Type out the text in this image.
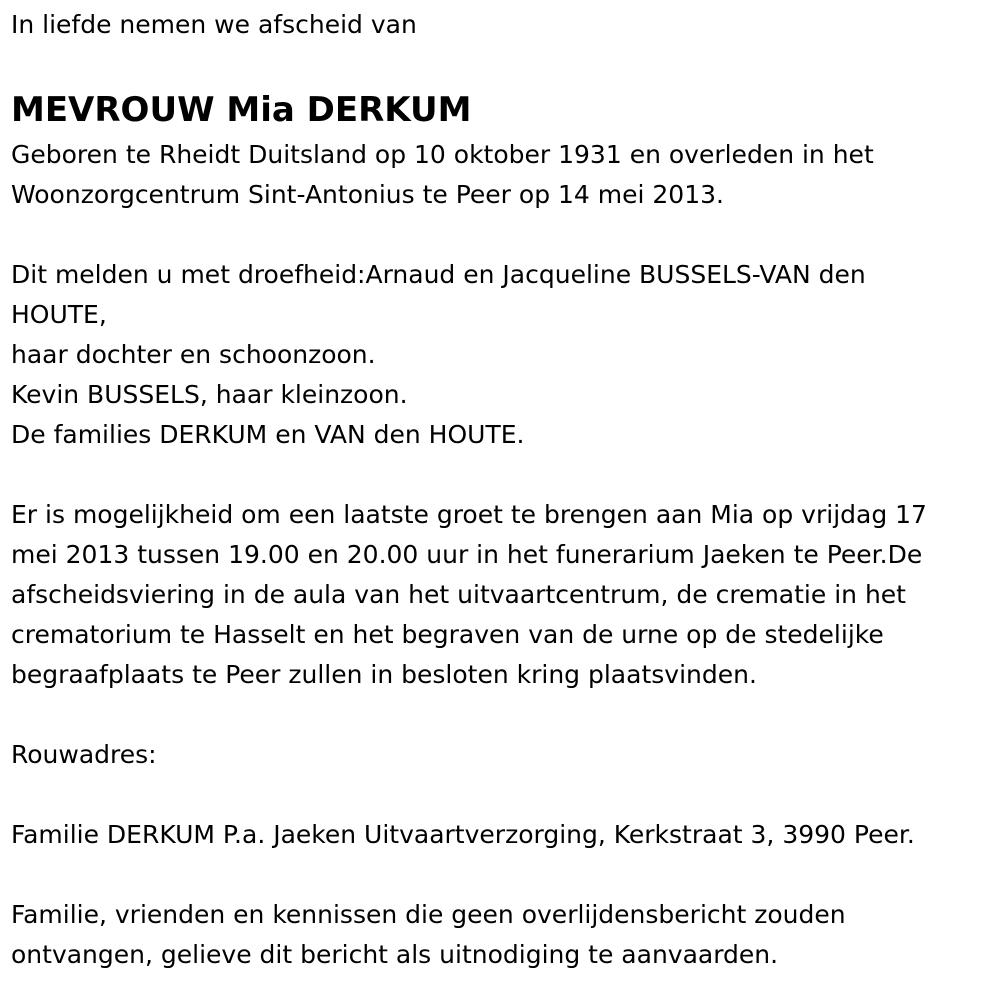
In liefde nemen we afscheid van
MEVROUW Mia DERKUM
Geboren te Rheidt Duitsland op 10 oktober 1931 en overleden in het
Woonzorgcentrum Sint-Antonius te Peer op 14 mei 2013.
Dit melden u met droefheid:Arnaud en Jacqueline BUSSELS-VAN den
HOUTE,
haar dochter en schoonzoon.
Kevin BUSSELS, haar kleinzoon.
De families DERKUM en VAN den HOUTE.
Er is mogelijkheid om een laatste groet te brengen aan Mia op vrijdag 17
mei 2013 tussen 19.00 en 20.00 uur in het funerarium Jaeken te Peer.De
afscheidsviering in de aula van het uitvaartcentrum, de crematie in het
crematorium te Hasselt en het begraven van de urne op de stedelijke
begraafplaats te Peer zullen in besloten kring plaatsvinden.
Rouwadres:
Familie DERKUM P.a. Jaeken Uitvaartverzorging, Kerkstraat 3, 3990 Peer.
Familie, vrienden en kennissen die geen overlijdensbericht zouden
ontvangen, gelieve dit bericht als uitnodiging te aanvaarden.
